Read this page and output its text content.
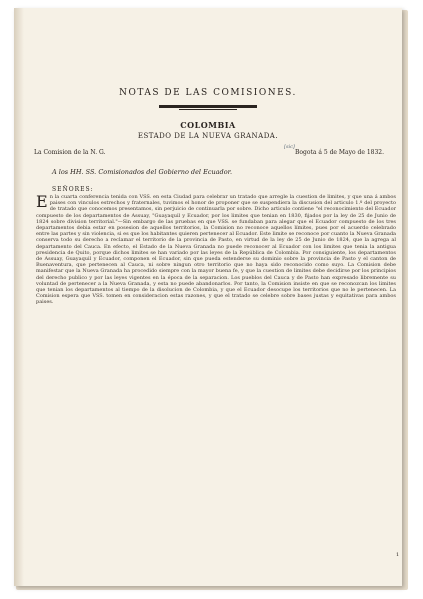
NOTAS DE LAS COMISIONES.
COLOMBIA
ESTADO DE LA NUEVA GRANADA.
[sic]
La Comision de la N. G.	Bogota á 5 de Mayo de 1832.
A los HH. SS. Comisionados del Gobierno del Ecuador.
SEÑORES:
En la cuarta conferencia tenida con VSS. en esta Ciudad para celebrar un tratado que arregle la cuestion de limites, y que una á ambos paises con vinculos estrechos y fraternales, tuvimos el honor de proponer que se suspendiera la discusion del articulo 1.º del proyecto de tratado que conocemos presentamos, sin perjuicio de continuarla por sobre. Dicho articulo contiene "el reconocimiento del Ecuador compuesto de los departamentos de Assuay, "Guayaquil y Ecuador, por los limites que tenian en 1830, fijados por la ley de 25 de Junio de 1824 sobre division territorial."—Sin embargo de las pruebas en que VSS. se fundaban para alegar que el Ecuador compuesto de los tres departamentos debia estar en posesion de aquellos territorios, la Comision no reconoce aquellos límites, pues por el acuerdo celebrado entre las partes y sin violencia, si es que los habitantes quieren pertenecer al Ecuador. Este limite se reconoce por cuanto la Nueva Granada conserva todo su derecho a reclamar el territorio de la provincia de Pasto, en virtud de la ley de 25 de Junio de 1824, que la agrega al departamento del Cauca. En efecto, el Estado de la Nueva Granada no puede reconocer al Ecuador con los limites que tenia la antigua presidencia de Quito, porque dichos limites se han variado por las leyes de la República de Colombia. Por consiguiente, los departamentos de Assuay, Guayaquil y Ecuador, componen el Ecuador, sin que pueda estenderse su dominio sobre la provincia de Pasto y el canton de Buenaventura, que pertenecen al Cauca, ni sobre ningun otro territorio que no haya sido reconocido como suyo. La Comision debe manifestar que la Nueva Granada ha procedido siempre con la mayor buena fe, y que la cuestion de limites debe decidirse por los principios del derecho publico y por las leyes vigentes en la época de la separacion. Los pueblos del Cauca y de Pasto han expresado libremente su voluntad de pertenecer a la Nueva Granada, y esta no puede abandonarlos. Por tanto, la Comision insiste en que se reconozcan los limites que tenian los departamentos al tiempo de la disolucion de Colombia, y que el Ecuador desocupe los territorios que no le pertenecen. La Comision espera que VSS. tomen en consideracion estas razones, y que el tratado se celebre sobre bases justas y equitativas para ambos paises.
1
